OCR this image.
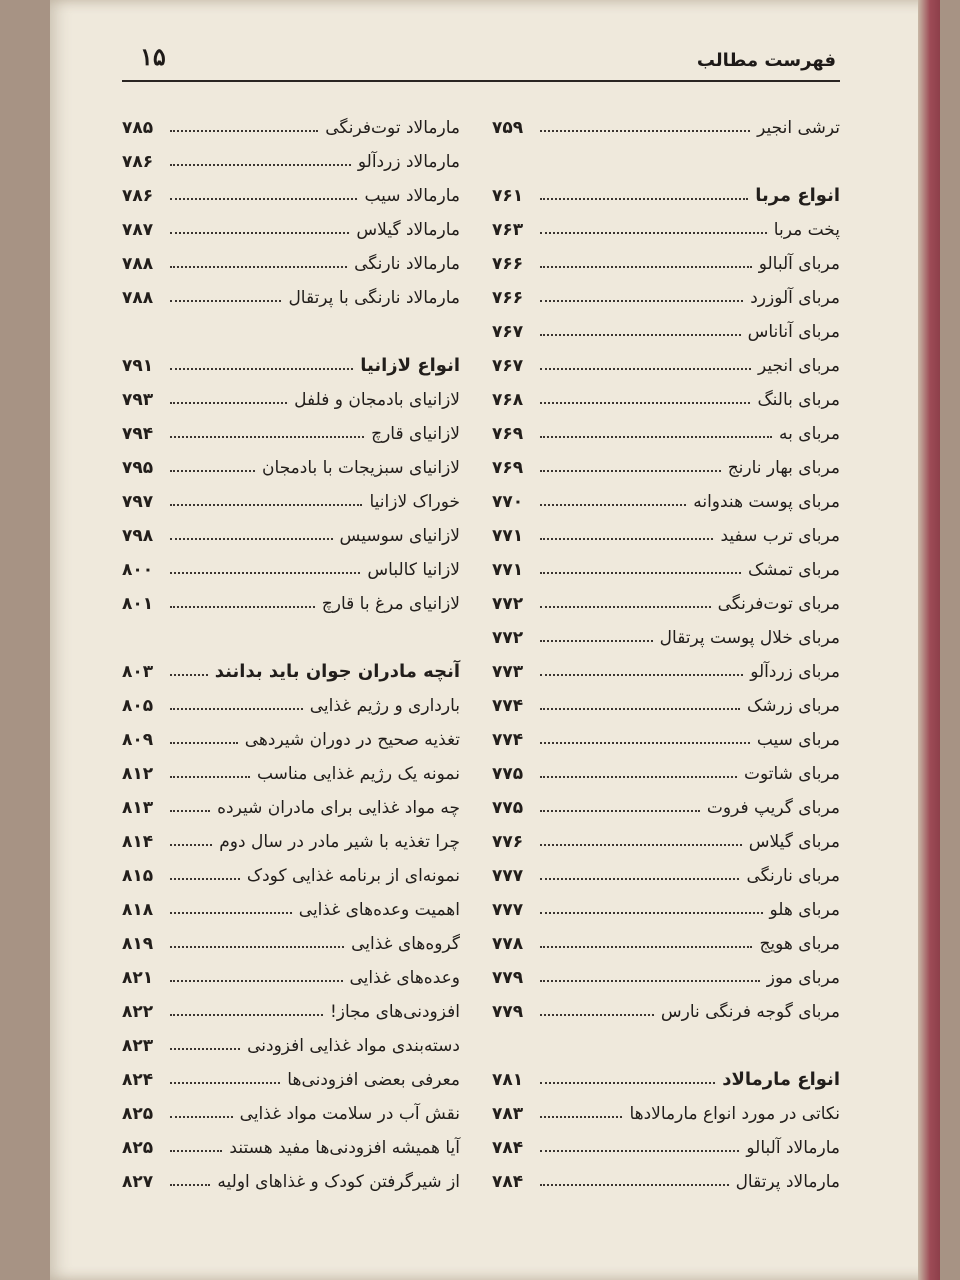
۱۵	فهرست مطالب
ترشی انجیر
۷۵۹
انواع مربا
۷۶۱
پخت مربا
۷۶۳
مربای آلبالو
۷۶۶
مربای آلوزرد
۷۶۶
مربای آناناس
۷۶۷
مربای انجیر
۷۶۷
مربای بالنگ
۷۶۸
مربای به
۷۶۹
مربای بهار نارنج
۷۶۹
مربای پوست هندوانه
۷۷۰
مربای ترب سفید
۷۷۱
مربای تمشک
۷۷۱
مربای توت‌فرنگی
۷۷۲
مربای خلال پوست پرتقال
۷۷۲
مربای زردآلو
۷۷۳
مربای زرشک
۷۷۴
مربای سیب
۷۷۴
مربای شاتوت
۷۷۵
مربای گریپ فروت
۷۷۵
مربای گیلاس
۷۷۶
مربای نارنگی
۷۷۷
مربای هلو
۷۷۷
مربای هویج
۷۷۸
مربای موز
۷۷۹
مربای گوجه فرنگی نارس
۷۷۹
انواع مارمالاد
۷۸۱
نکاتی در مورد انواع مارمالادها
۷۸۳
مارمالاد آلبالو
۷۸۴
مارمالاد پرتقال
۷۸۴
مارمالاد توت‌فرنگی
۷۸۵
مارمالاد زردآلو
۷۸۶
مارمالاد سیب
۷۸۶
مارمالاد گیلاس
۷۸۷
مارمالاد نارنگی
۷۸۸
مارمالاد نارنگی با پرتقال
۷۸۸
انواع لازانیا
۷۹۱
لازانیای بادمجان و فلفل
۷۹۳
لازانیای قارچ
۷۹۴
لازانیای سبزیجات با بادمجان
۷۹۵
خوراک لازانیا
۷۹۷
لازانیای سوسیس
۷۹۸
لازانیا کالباس
۸۰۰
لازانیای مرغ با قارچ
۸۰۱
آنچه مادران جوان باید بدانند
۸۰۳
بارداری و رژیم غذایی
۸۰۵
تغذیه صحیح در دوران شیردهی
۸۰۹
نمونه یک رژیم غذایی مناسب
۸۱۲
چه مواد غذایی برای مادران شیرده
۸۱۳
چرا تغذیه با شیر مادر در سال دوم
۸۱۴
نمونه‌ای از برنامه غذایی کودک
۸۱۵
اهمیت وعده‌های غذایی
۸۱۸
گروه‌های غذایی
۸۱۹
وعده‌های غذایی
۸۲۱
افزودنی‌های مجاز!
۸۲۲
دسته‌بندی مواد غذایی افزودنی
۸۲۳
معرفی بعضی افزودنی‌ها
۸۲۴
نقش آب در سلامت مواد غذایی
۸۲۵
آیا همیشه افزودنی‌ها مفید هستند
۸۲۵
از شیرگرفتن کودک و غذاهای اولیه
۸۲۷
